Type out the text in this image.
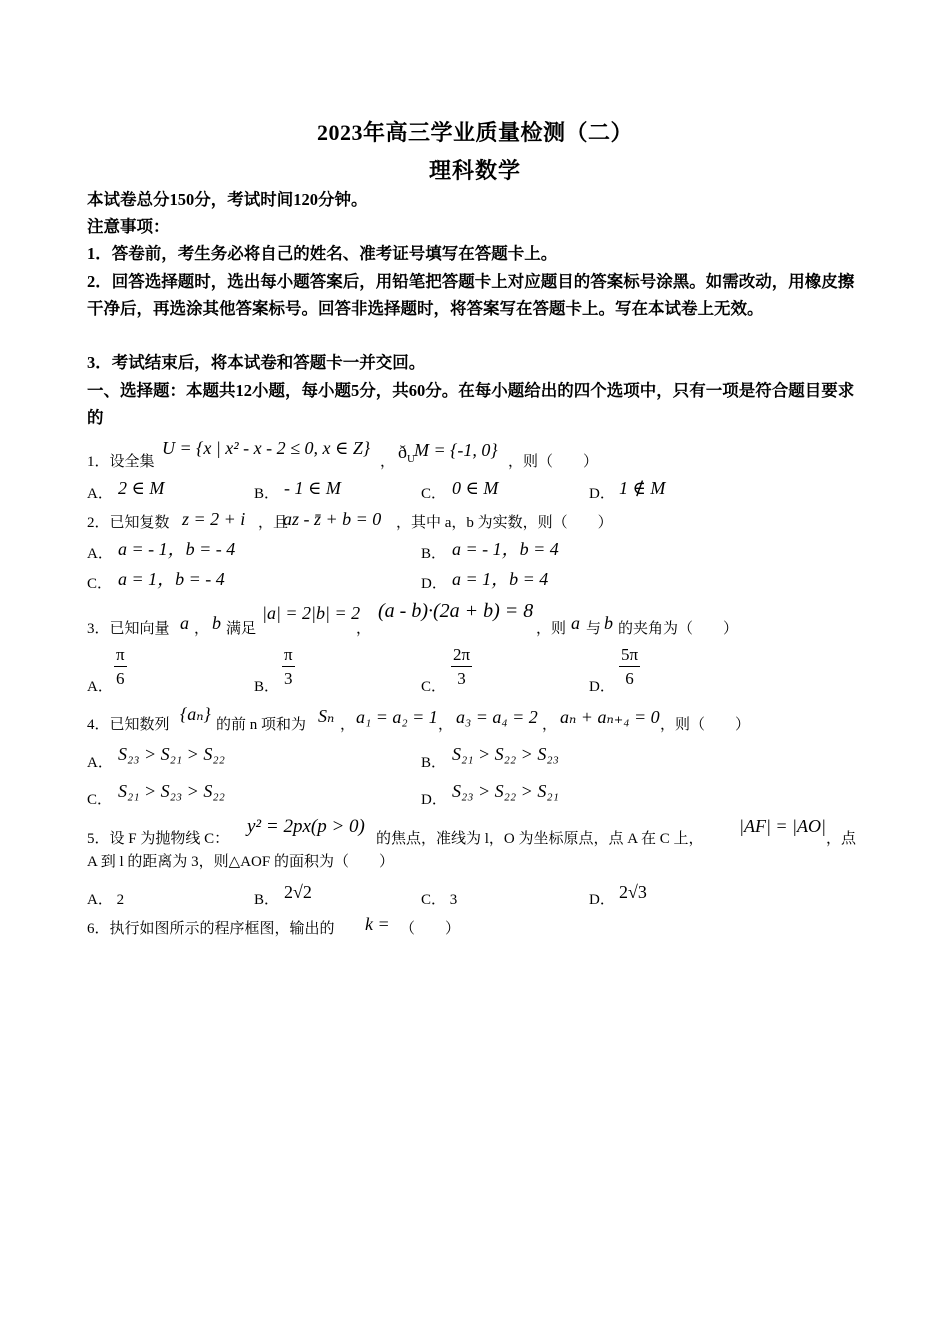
2023年高三学业质量检测（二）
理科数学
本试卷总分150分，考试时间120分钟。
注意事项：
1．答卷前，考生务必将自己的姓名、准考证号填写在答题卡上。
2．回答选择题时，选出每小题答案后，用铅笔把答题卡上对应题目的答案标号涂黑。如需改动，用橡皮擦干净后，再选涂其他答案标号。回答非选择题时，将答案写在答题卡上。写在本试卷上无效。
3．考试结束后，将本试卷和答题卡一并交回。
一、选择题：本题共12小题，每小题5分，共60分。在每小题给出的四个选项中，只有一项是符合题目要求的
1．设全集
U = {x | x² - x - 2 ≤ 0, x ∈ Z}
， $ð_U$ M = {-1, 0}
，则（　　）
A． 2 ∈ M	B． - 1 ∈ M	C． 0 ∈ M	D． 1 ∉ M
2．已知复数 z = 2 + i ，且
az - z̄ + b = 0 ，其中 a，b 为实数，则（　　）
A． a = - 1，b = - 4	B． a = - 1，b = 4
C． a = 1，b = - 4	D． a = 1，b = 4
3．已知向量 a ， b 满足
|a| = 2|b| = 2
，
(a - b)·(2a + b) = 8
，则 a 与 b 的夹角为（　　）
A． $\frac{\pi}{6}$	B． $\frac{\pi}{3}$	C． $\frac{2\pi}{3}$	D． $\frac{5\pi}{6}$
4．已知数列
{aₙ}
的前 n 项和为 Sₙ ， a₁ = a₂ = 1 ， a₃ = a₄ = 2 ， aₙ + aₙ₊₄ = 0 ，则（　　）
A． S₂₃ > S₂₁ > S₂₂	B． S₂₁ > S₂₂ > S₂₃
C． S₂₁ > S₂₃ > S₂₂	D． S₂₃ > S₂₂ > S₂₁
5．设 F 为抛物线 C：
y² = 2px(p > 0)
的焦点，准线为 l，O 为坐标原点，点 A 在 C 上，
|AF| = |AO|
，点
A 到 l 的距离为 3，则△AOF 的面积为（　　）
A． 2	B． 2√2	C． 3	D． 2√3
6．执行如图所示的程序框图，输出的 k = （　　）
